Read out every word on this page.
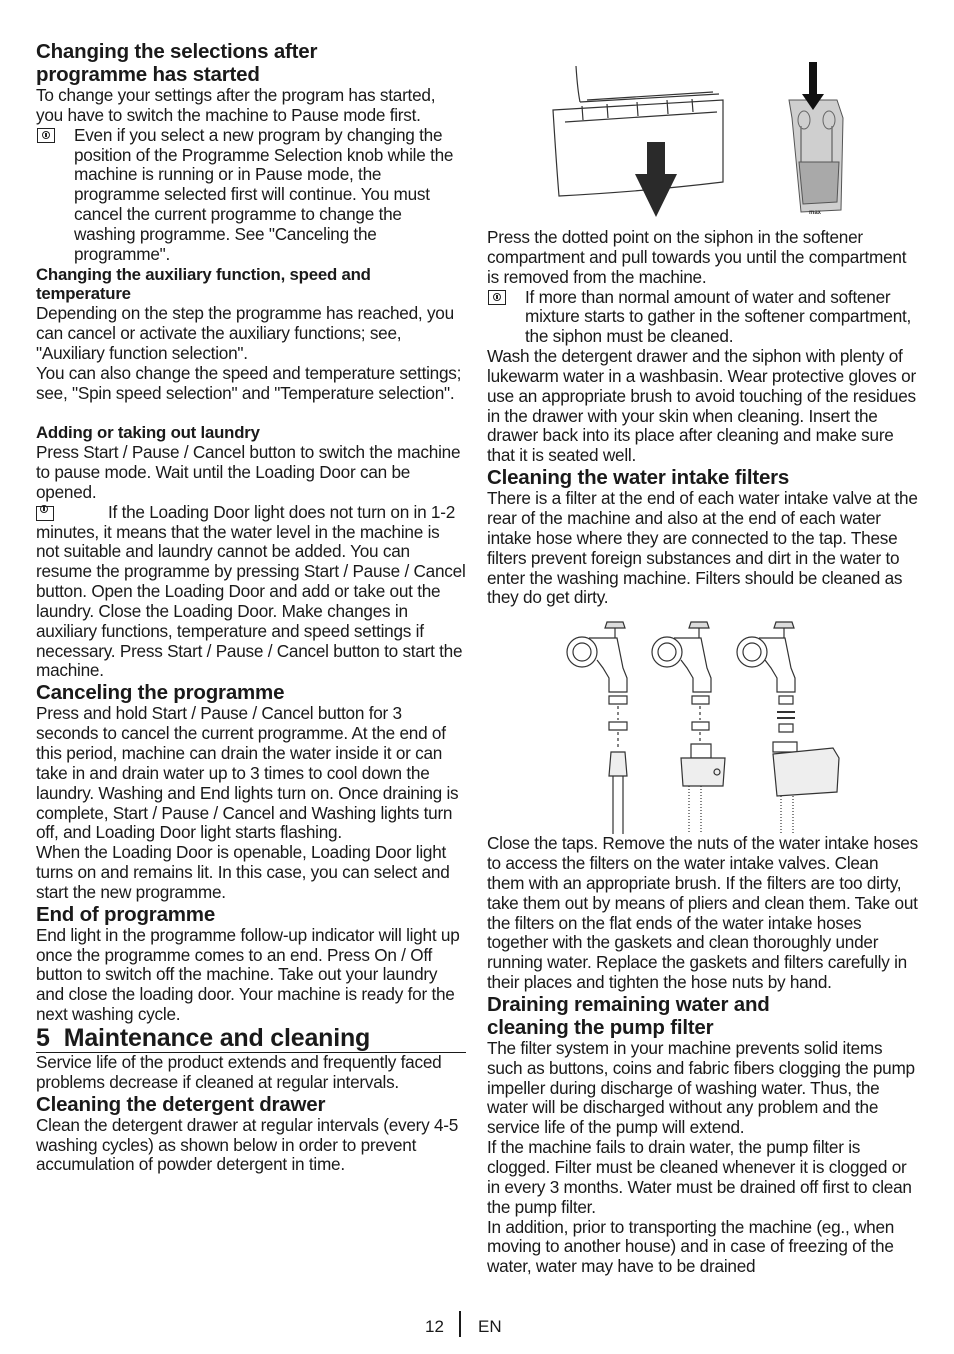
Changing the selections after
programme has started

To change your settings after the program has started, you have to switch the machine to Pause mode first.

Even if you select a new program by changing the position of the Programme Selection knob while the machine is running or in Pause mode, the programme selected first will continue. You must cancel the current programme to change the washing programme. See "Canceling the programme".

Changing the auxiliary function, speed and temperature

Depending on the step the programme has reached, you can cancel or activate the auxiliary functions; see, "Auxiliary function selection".

You can also change the speed and temperature settings; see, "Spin speed selection" and "Temperature selection".

Adding or taking out laundry

Press Start / Pause / Cancel button to switch the machine to pause mode. Wait until the Loading Door can be opened.

If the Loading Door light does not turn on in 1-2 minutes, it means that the water level in the machine is not suitable and laundry cannot be added. You can resume the programme by pressing Start / Pause / Cancel button. Open the Loading Door and add or take out the laundry. Close the Loading Door. Make changes in auxiliary functions, temperature and speed settings if necessary. Press Start / Pause / Cancel button to start the machine.

Canceling the programme

Press and hold Start / Pause / Cancel button for 3 seconds to cancel the current programme. At the end of this period, machine can drain the water inside it or can take in and drain water up to 3 times to cool down the laundry. Washing and End lights turn on. Once draining is complete, Start / Pause / Cancel and Washing lights turn off, and Loading Door light starts flashing.

When the Loading Door is openable, Loading Door light turns on and remains lit. In this case, you can select and start the new programme.

End of programme

End light in the programme follow-up indicator will light up once the programme comes to an end. Press On / Off button to switch off the machine. Take out your laundry and close the loading door. Your machine is ready for the next washing cycle.

5 Maintenance and cleaning

Service life of the product extends and frequently faced problems decrease if cleaned at regular intervals.

Cleaning the detergent drawer

Clean the detergent drawer at regular intervals (every 4-5 washing cycles) as shown below in order to prevent accumulation of powder detergent in time.

max

Press the dotted point on the siphon in the softener compartment and pull towards you until the compartment is removed from the machine.

If more than normal amount of water and softener mixture starts to gather in the softener compartment, the siphon must be cleaned.

Wash the detergent drawer and the siphon with plenty of lukewarm water in a washbasin. Wear protective gloves or use an appropriate brush to avoid touching of the residues in the drawer with your skin when cleaning. Insert the drawer back into its place after cleaning and make sure that it is seated well.

Cleaning the water intake filters

There is a filter at the end of each water intake valve at the rear of the machine and also at the end of each water intake hose where they are connected to the tap. These filters prevent foreign substances and dirt in the water to enter the washing machine. Filters should be cleaned as they do get dirty.

Close the taps. Remove the nuts of the water intake hoses to access the filters on the water intake valves. Clean them with an appropriate brush. If the filters are too dirty, take them out by means of pliers and clean them. Take out the filters on the flat ends of the water intake hoses together with the gaskets and clean thoroughly under running water. Replace the gaskets and filters carefully in their places and tighten the hose nuts by hand.

Draining remaining water and
cleaning the pump filter

The filter system in your machine prevents solid items such as buttons, coins and fabric fibers clogging the pump impeller during discharge of washing water. Thus, the water will be discharged without any problem and the service life of the pump will extend.

If the machine fails to drain water, the pump filter is clogged. Filter must be cleaned whenever it is clogged or in every 3 months. Water must be drained off first to clean the pump filter.

In addition, prior to transporting the machine (eg., when moving to another house) and in case of freezing of the water, water may have to be drained

12 EN
